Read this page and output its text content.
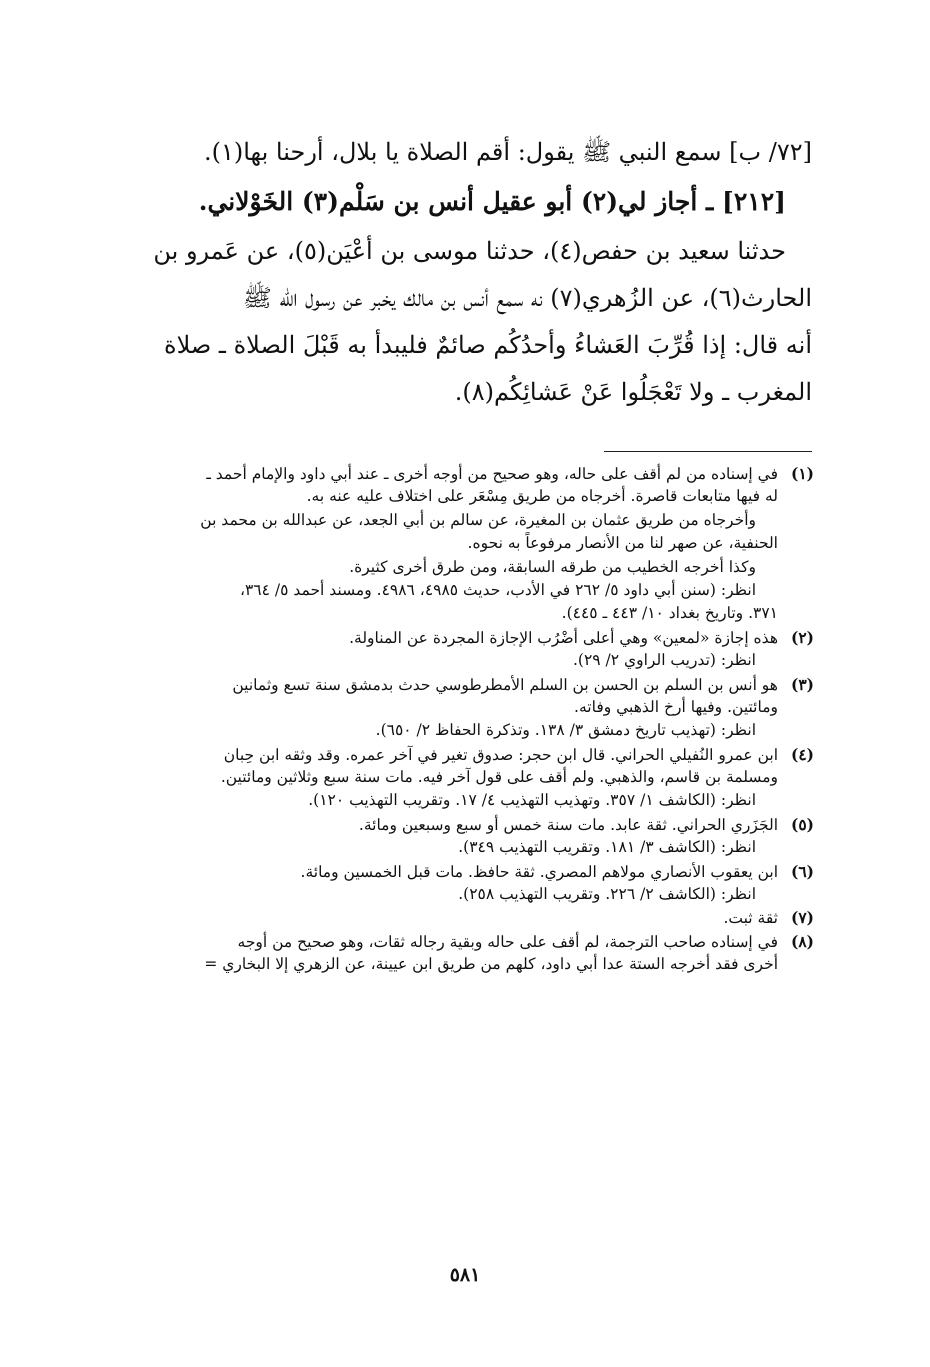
[٧٢/ ب] سمع النبي ﷺ يقول: أقم الصلاة يا بلال، أرحنا بها(١).
[٢١٢] ـ أجاز لي(٢) أبو عقيل أنس بن سَلْم(٣) الخَوْلاني.
حدثنا سعيد بن حفص(٤)، حدثنا موسى بن أعْيَن(٥)، عن عَمرو بن
الحارث(٦)، عن الزُهري(٧) نه سمع أنس بن مالك يخبر عن رسول الله ﷺ
أنه قال: إذا قُرِّبَ العَشاءُ وأحدُكُم صائمٌ فليبدأ به قَبْلَ الصلاة ـ صلاة
المغرب ـ ولا تَعْجَلُوا عَنْ عَشائِكُم(٨).
(١)في إسناده من لم أقف على حاله، وهو صحيح من أوجه أخرى ـ عند أبي داود والإمام أحمد ـ
له فيها متابعات قاصرة. أخرجاه من طريق مِسْعَر على اختلاف عليه عنه به.
وأخرجاه من طريق عثمان بن المغيرة، عن سالم بن أبي الجعد، عن عبدالله بن محمد بن
الحنفية، عن صهر لنا من الأنصار مرفوعاً به نحوه.
وكذا أخرجه الخطيب من طرقه السابقة، ومن طرق أخرى كثيرة.
انظر: (سنن أبي داود ٥/ ٢٦٢ في الأدب، حديث ٤٩٨٥، ٤٩٨٦. ومسند أحمد ٥/ ٣٦٤،
٣٧١. وتاريخ بغداد ١٠/ ٤٤٣ ـ ٤٤٥).
(٢)هذه إجازة «لمعين» وهي أعلى أضْرُب الإجازة المجردة عن المناولة.
انظر: (تدريب الراوي ٢/ ٢٩).
(٣)هو أنس بن السلم بن الحسن بن السلم الأمطرطوسي حدث بدمشق سنة تسع وثمانين
ومائتين. وفيها أرخ الذهبي وفاته.
انظر: (تهذيب تاريخ دمشق ٣/ ١٣٨. وتذكرة الحفاظ ٢/ ٦٥٠).
(٤)ابن عمرو النُفيلي الحراني. قال ابن حجر: صدوق تغير في آخر عمره. وقد وثقه ابن حِبان
ومسلمة بن قاسم، والذهبي. ولم أقف على قول آخر فيه. مات سنة سبع وثلاثين ومائتين.
انظر: (الكاشف ١/ ٣٥٧. وتهذيب التهذيب ٤/ ١٧. وتقريب التهذيب ١٢٠).
(٥)الجَزَري الحراني. ثقة عابد. مات سنة خمس أو سبع وسبعين ومائة.
انظر: (الكاشف ٣/ ١٨١. وتقريب التهذيب ٣٤٩).
(٦)ابن يعقوب الأنصاري مولاهم المصري. ثقة حافظ. مات قبل الخمسين ومائة.
انظر: (الكاشف ٢/ ٢٢٦. وتقريب التهذيب ٢٥٨).
(٧)ثقة ثبت.
(٨)في إسناده صاحب الترجمة، لم أقف على حاله وبقية رجاله ثقات، وهو صحيح من أوجه
أخرى فقد أخرجه الستة عدا أبي داود، كلهم من طريق ابن عيينة، عن الزهري إلا البخاري =
٥٨١
